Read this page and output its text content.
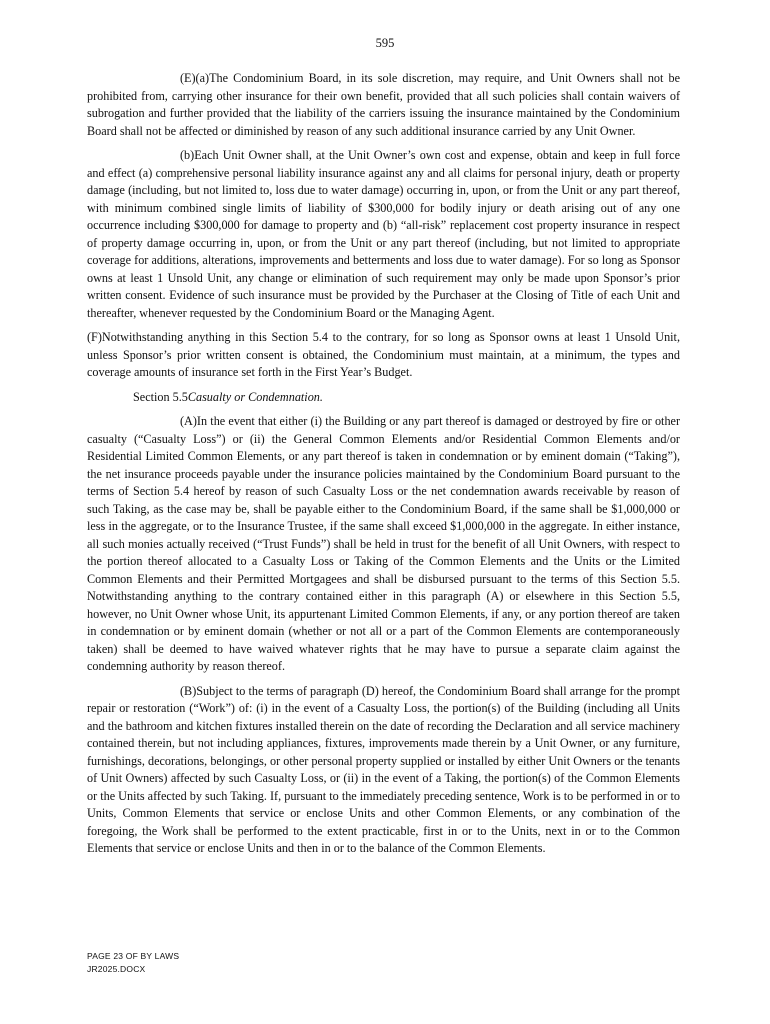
595

(E)(a)The Condominium Board, in its sole discretion, may require, and Unit Owners shall not be prohibited from, carrying other insurance for their own benefit, provided that all such policies shall contain waivers of subrogation and further provided that the liability of the carriers issuing the insurance maintained by the Condominium Board shall not be affected or diminished by reason of any such additional insurance carried by any Unit Owner.

(b)Each Unit Owner shall, at the Unit Owner’s own cost and expense, obtain and keep in full force and effect (a) comprehensive personal liability insurance against any and all claims for personal injury, death or property damage (including, but not limited to, loss due to water damage) occurring in, upon, or from the Unit or any part thereof, with minimum combined single limits of liability of $300,000 for bodily injury or death arising out of any one occurrence including $300,000 for damage to property and (b) “all-risk” replacement cost property insurance in respect of property damage occurring in, upon, or from the Unit or any part thereof (including, but not limited to appropriate coverage for additions, alterations, improvements and betterments and loss due to water damage). For so long as Sponsor owns at least 1 Unsold Unit, any change or elimination of such requirement may only be made upon Sponsor’s prior written consent. Evidence of such insurance must be provided by the Purchaser at the Closing of Title of each Unit and thereafter, whenever requested by the Condominium Board or the Managing Agent.

(F)Notwithstanding anything in this Section 5.4 to the contrary, for so long as Sponsor owns at least 1 Unsold Unit, unless Sponsor’s prior written consent is obtained, the Condominium must maintain, at a minimum, the types and coverage amounts of insurance set forth in the First Year’s Budget.

Section 5.5Casualty or Condemnation.

(A)In the event that either (i) the Building or any part thereof is damaged or destroyed by fire or other casualty (“Casualty Loss”) or (ii) the General Common Elements and/or Residential Common Elements and/or Residential Limited Common Elements, or any part thereof is taken in condemnation or by eminent domain (“Taking”), the net insurance proceeds payable under the insurance policies maintained by the Condominium Board pursuant to the terms of Section 5.4 hereof by reason of such Casualty Loss or the net condemnation awards receivable by reason of such Taking, as the case may be, shall be payable either to the Condominium Board, if the same shall be $1,000,000 or less in the aggregate, or to the Insurance Trustee, if the same shall exceed $1,000,000 in the aggregate. In either instance, all such monies actually received (“Trust Funds”) shall be held in trust for the benefit of all Unit Owners, with respect to the portion thereof allocated to a Casualty Loss or Taking of the Common Elements and the Units or the Limited Common Elements and their Permitted Mortgagees and shall be disbursed pursuant to the terms of this Section 5.5. Notwithstanding anything to the contrary contained either in this paragraph (A) or elsewhere in this Section 5.5, however, no Unit Owner whose Unit, its appurtenant Limited Common Elements, if any, or any portion thereof are taken in condemnation or by eminent domain (whether or not all or a part of the Common Elements are contemporaneously taken) shall be deemed to have waived whatever rights that he may have to pursue a separate claim against the condemning authority by reason thereof.

(B)Subject to the terms of paragraph (D) hereof, the Condominium Board shall arrange for the prompt repair or restoration (“Work”) of: (i) in the event of a Casualty Loss, the portion(s) of the Building (including all Units and the bathroom and kitchen fixtures installed therein on the date of recording the Declaration and all service machinery contained therein, but not including appliances, fixtures, improvements made therein by a Unit Owner, or any furniture, furnishings, decorations, belongings, or other personal property supplied or installed by either Unit Owners or the tenants of Unit Owners) affected by such Casualty Loss, or (ii) in the event of a Taking, the portion(s) of the Common Elements or the Units affected by such Taking. If, pursuant to the immediately preceding sentence, Work is to be performed in or to Units, Common Elements that service or enclose Units and other Common Elements, or any combination of the foregoing, the Work shall be performed to the extent practicable, first in or to the Units, next in or to the Common Elements that service or enclose Units and then in or to the balance of the Common Elements.

PAGE 23 OF BY LAWS
JR2025.DOCX
